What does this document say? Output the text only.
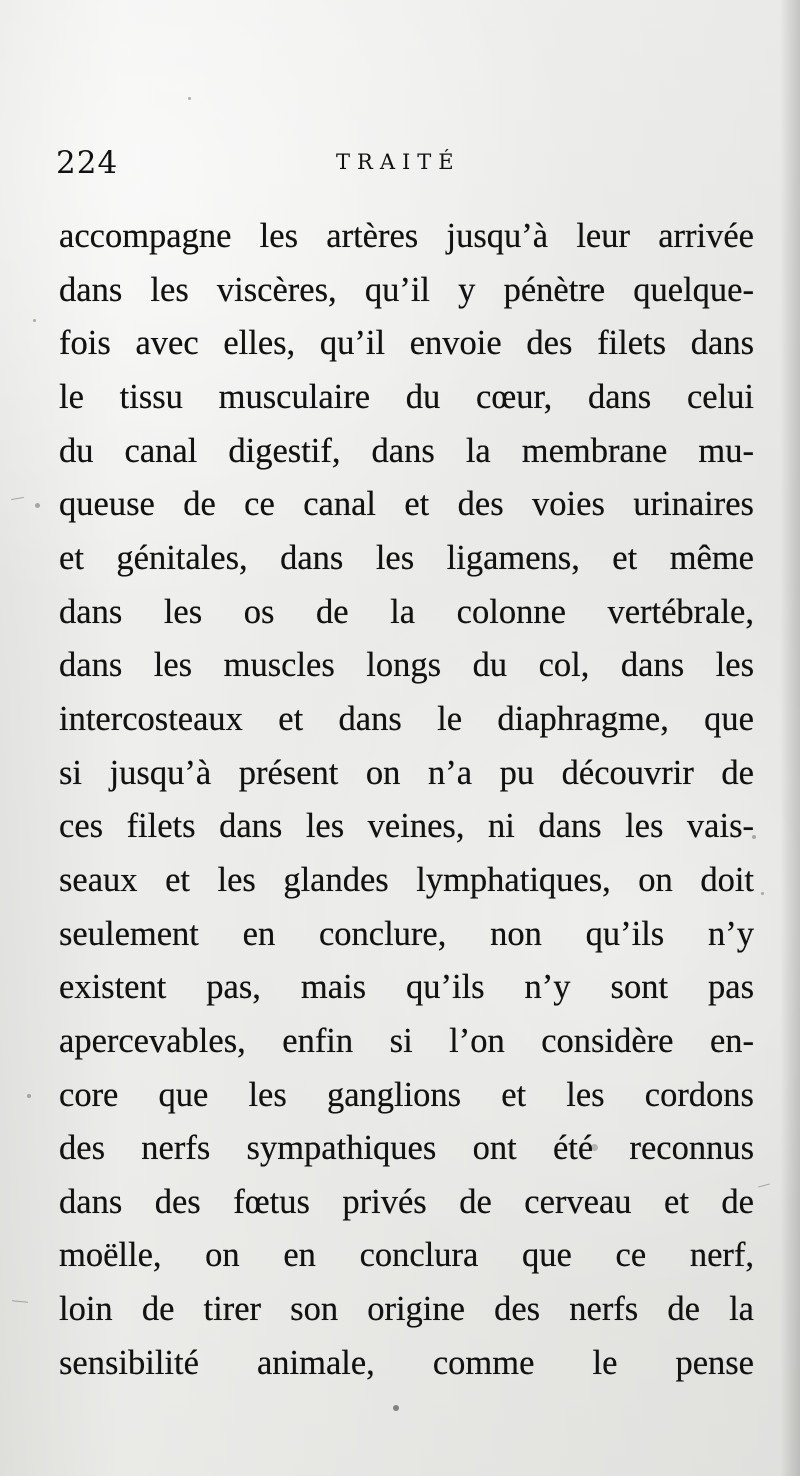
224	TRAITÉ
accompagne les artères jusqu’à leur arrivée
dans les viscères, qu’il y pénètre quelque-
fois avec elles, qu’il envoie des filets dans
le tissu musculaire du cœur, dans celui
du canal digestif, dans la membrane mu-
queuse de ce canal et des voies urinaires
et génitales, dans les ligamens, et même
dans les os de la colonne vertébrale,
dans les muscles longs du col, dans les
intercosteaux et dans le diaphragme, que
si jusqu’à présent on n’a pu découvrir de
ces filets dans les veines, ni dans les vais-
seaux et les glandes lymphatiques, on doit
seulement en conclure, non qu’ils n’y
existent pas, mais qu’ils n’y sont pas
apercevables, enfin si l’on considère en-
core que les ganglions et les cordons
des nerfs sympathiques ont été reconnus
dans des fœtus privés de cerveau et de
moëlle, on en conclura que ce nerf,
loin de tirer son origine des nerfs de la
sensibilité animale, comme le pense
